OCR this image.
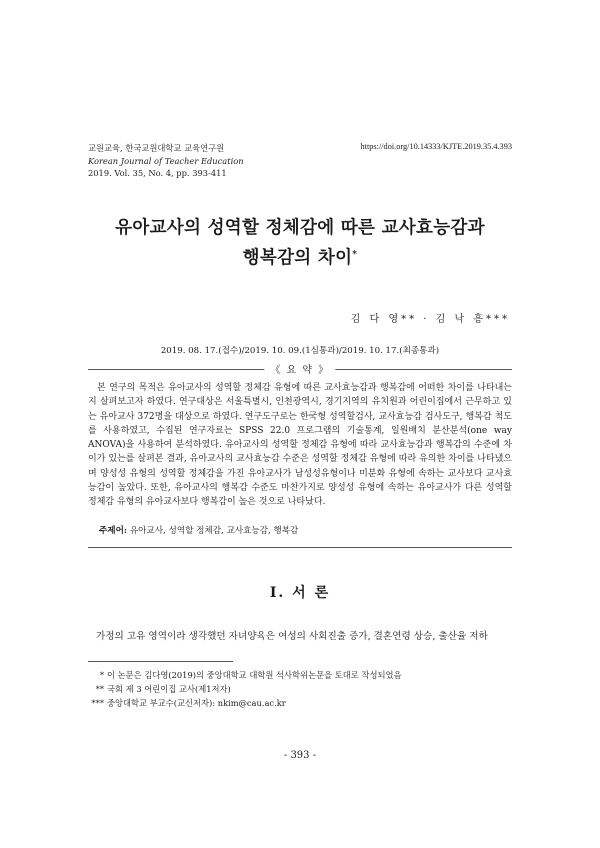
교원교육, 한국교원대학교 교육연구원
Korean Journal of Teacher Education
2019. Vol. 35, No. 4, pp. 393-411
https://doi.org/10.14333/KJTE.2019.35.4.393
유아교사의 성역할 정체감에 따른 교사효능감과
행복감의 차이*
김 다 영** · 김 낙 흥***
2019. 08. 17.(접수)/2019. 10. 09.(1심통과)/2019. 10. 17.(최종통과)
《 요 약 》

본 연구의 목적은 유아교사의 성역할 정체감 유형에 따른 교사효능감과 행복감에 어떠한 차이를 나타내는지 살펴보고자 하였다. 연구대상은 서울특별시, 인천광역시, 경기지역의 유치원과 어린이집에서 근무하고 있는 유아교사 372명을 대상으로 하였다. 연구도구로는 한국형 성역할검사, 교사효능감 검사도구, 행복감 척도를 사용하였고, 수집된 연구자료는 SPSS 22.0 프로그램의 기술통계, 일원배치 분산분석(one way ANOVA)을 사용하여 분석하였다. 유아교사의 성역할 정체감 유형에 따라 교사효능감과 행복감의 수준에 차이가 있는를 살펴본 결과, 유아교사의 교사효능감 수준은 성역할 정체감 유형에 따라 유의한 차이를 나타냈으며 양성성 유형의 성역할 정체감을 가진 유아교사가 남성성유형이나 미분화 유형에 속하는 교사보다 교사효능감이 높았다. 또한, 유아교사의 행복감 수준도 마찬가지로 양성성 유형에 속하는 유아교사가 다른 성역할 정체감 유형의 유아교사보다 행복감이 높은 것으로 나타났다.

주제어: 유아교사, 성역할 정체감, 교사효능감, 행복감
Ⅰ. 서 론

가정의 고유 영역이라 생각했던 자녀양육은 여성의 사회진출 증가, 결혼연령 상승, 출산율 저하

* 이 논문은 김다영(2019)의 중앙대학교 대학원 석사학위논문을 토대로 작성되었음
** 국회 제 3 어린이집 교사(제1저자)
*** 중앙대학교 부교수(교신저자): nkim@cau.ac.kr
- 393 -
